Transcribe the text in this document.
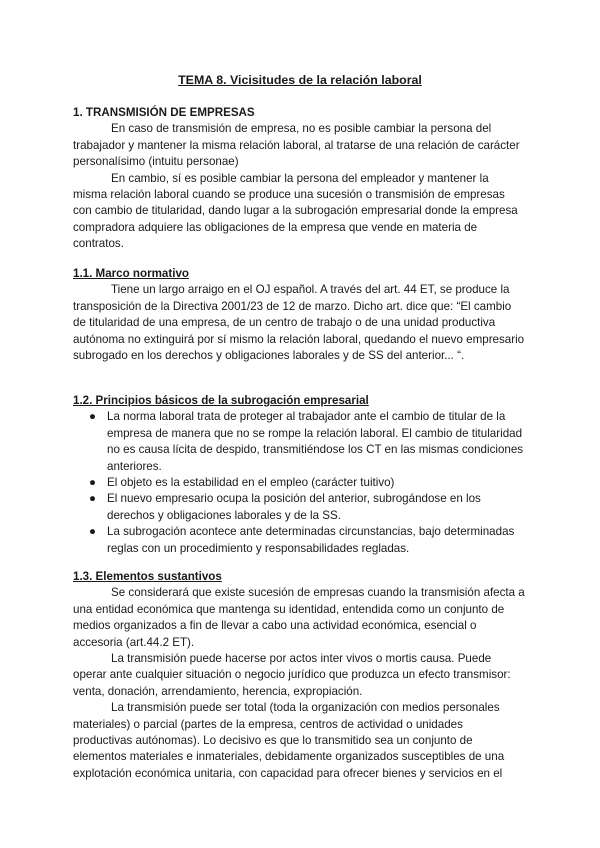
TEMA 8. Vicisitudes de la relación laboral
1. TRANSMISIÓN DE EMPRESAS

En caso de transmisión de empresa, no es posible cambiar la persona del trabajador y mantener la misma relación laboral, al tratarse de una relación de carácter personalísimo (intuitu personae)

En cambio, sí es posible cambiar la persona del empleador y mantener la misma relación laboral cuando se produce una sucesión o transmisión de empresas con cambio de titularidad, dando lugar a la subrogación empresarial donde la empresa compradora adquiere las obligaciones de la empresa que vende en materia de contratos.

1.1. Marco normativo

Tiene un largo arraigo en el OJ español. A través del art. 44 ET, se produce la transposición de la Directiva 2001/23 de 12 de marzo. Dicho art. dice que: “El cambio de titularidad de una empresa, de un centro de trabajo o de una unidad productiva autónoma no extinguirá por sí mismo la relación laboral, quedando el nuevo empresario subrogado en los derechos y obligaciones laborales y de SS del anterior... “.

1.2. Principios básicos de la subrogación empresarial
● La norma laboral trata de proteger al trabajador ante el cambio de titular de la empresa de manera que no se rompe la relación laboral. El cambio de titularidad no es causa lícita de despido, transmitiéndose los CT en las mismas condiciones anteriores.
● El objeto es la estabilidad en el empleo (carácter tuitivo)
● El nuevo empresario ocupa la posición del anterior, subrogándose en los derechos y obligaciones laborales y de la SS.
● La subrogación acontece ante determinadas circunstancias, bajo determinadas reglas con un procedimiento y responsabilidades regladas.
1.3. Elementos sustantivos

Se considerará que existe sucesión de empresas cuando la transmisión afecta a una entidad económica que mantenga su identidad, entendida como un conjunto de medios organizados a fin de llevar a cabo una actividad económica, esencial o accesoria (art.44.2 ET).

La transmisión puede hacerse por actos inter vivos o mortis causa. Puede operar ante cualquier situación o negocio jurídico que produzca un efecto transmisor: venta, donación, arrendamiento, herencia, expropiación.

La transmisión puede ser total (toda la organización con medios personales materiales) o parcial (partes de la empresa, centros de actividad o unidades productivas autónomas). Lo decisivo es que lo transmitido sea un conjunto de elementos materiales e inmateriales, debidamente organizados susceptibles de una explotación económica unitaria, con capacidad para ofrecer bienes y servicios en el
